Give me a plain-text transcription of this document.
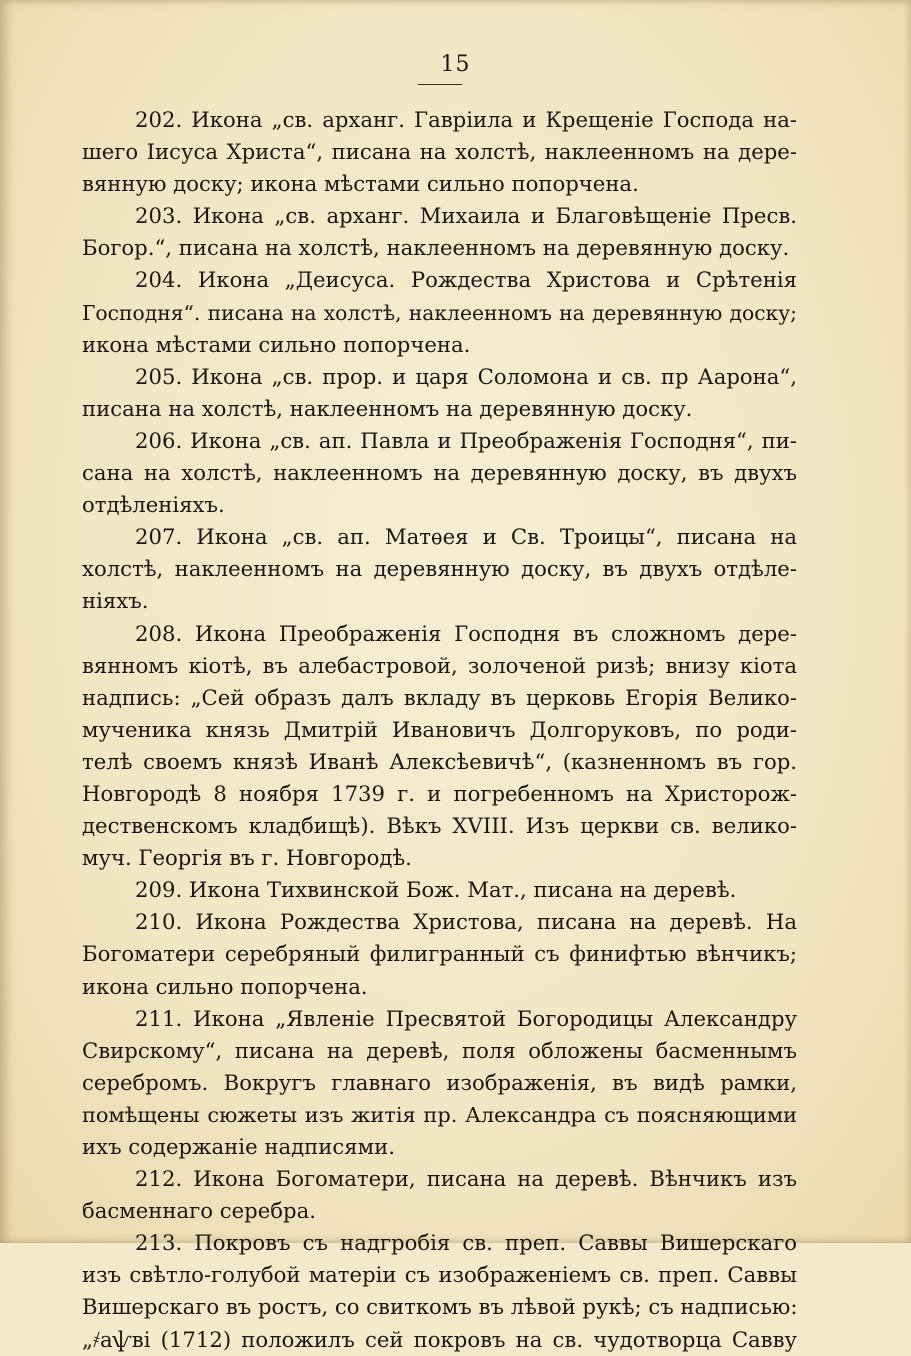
15
202. Икона „св. арханг. Гавріила и Крещеніе Господа на-
шего Іисуса Христа“, писана на холстѣ, наклеенномъ на дере-
вянную доску; икона мѣстами сильно попорчена.
203. Икона „св. арханг. Михаила и Благовѣщеніе Пресв.
Богор.“, писана на холстѣ, наклеенномъ на деревянную доску.
204. Икона „Деисуса. Рождества Христова и Срѣтенія
Господня“. писана на холстѣ, наклеенномъ на деревянную доску;
икона мѣстами сильно попорчена.
205. Икона „св. прор. и царя Соломона и св. пр Аарона“,
писана на холстѣ, наклеенномъ на деревянную доску.
206. Икона „св. ап. Павла и Преображенія Господня“, пи-
сана на холстѣ, наклеенномъ на деревянную доску, въ двухъ
отдѣленіяхъ.
207. Икона „св. ап. Матѳея и Св. Троицы“, писана на
холстѣ, наклеенномъ на деревянную доску, въ двухъ отдѣле-
ніяхъ.
208. Икона Преображенія Господня въ сложномъ дере-
вянномъ кіотѣ, въ алебастровой, золоченой ризѣ; внизу кіота
надпись: „Сей образъ далъ вкладу въ церковь Егорія Велико-
мученика князь Дмитрій Ивановичъ Долгоруковъ, по роди-
телѣ своемъ князѣ Иванѣ Алексѣевичѣ“, (казненномъ въ гор.
Новгородѣ 8 ноября 1739 г. и погребенномъ на Христорож-
дественскомъ кладбищѣ). Вѣкъ XVIII. Изъ церкви св. велико-
муч. Георгія въ г. Новгородѣ.
209. Икона Тихвинской Бож. Мат., писана на деревѣ.
210. Икона Рождества Христова, писана на деревѣ. На
Богоматери серебряный филигранный съ финифтью вѣнчикъ;
икона сильно попорчена.
211. Икона „Явленіе Пресвятой Богородицы Александру
Свирскому“, писана на деревѣ, поля обложены басменнымъ
серебромъ. Вокругъ главнаго изображенія, въ видѣ рамки,
помѣщены сюжеты изъ житія пр. Александра съ поясняющими
ихъ содержаніе надписями.
212. Икона Богоматери, писана на деревѣ. Вѣнчикъ изъ
басменнаго серебра.
213. Покровъ съ надгробія св. преп. Саввы Вишерскаго
изъ свѣтло-голубой матеріи съ изображеніемъ св. преп. Саввы
Вишерскаго въ ростъ, со свиткомъ въ лѣвой рукѣ; съ надписью:
„҂аѱві (1712) положилъ сей покровъ на св. чудотворца Савву
